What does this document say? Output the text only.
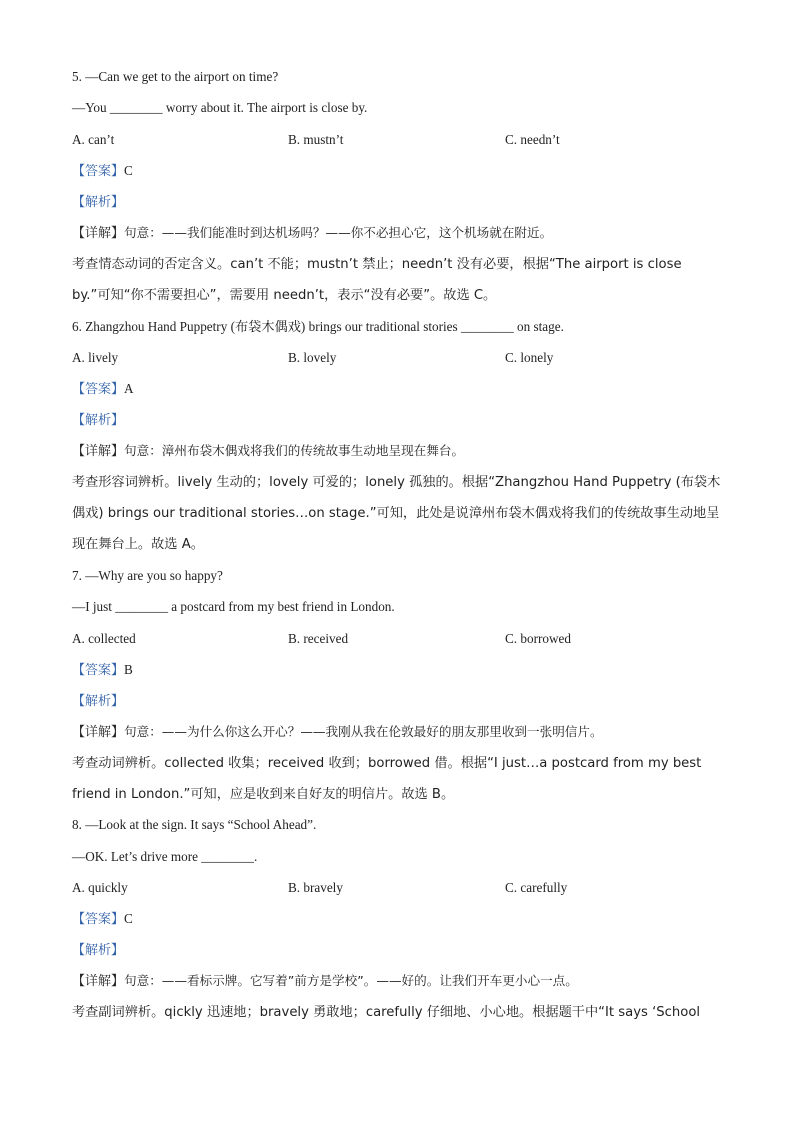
5. —Can we get to the airport on time?
—You ________ worry about it. The airport is close by.
A. can’t	B. mustn’t	C. needn’t
【答案】C
【解析】
【详解】句意：——我们能准时到达机场吗？——你不必担心它，这个机场就在附近。
考查情态动词的否定含义。can’t 不能；mustn’t 禁止；needn’t 没有必要，根据“The airport is close by.”可知“你不需要担心”，需要用 needn’t，表示“没有必要”。故选 C。
6. Zhangzhou Hand Puppetry (布袋木偶戏) brings our traditional stories ________ on stage.
A. lively	B. lovely	C. lonely
【答案】A
【解析】
【详解】句意：漳州布袋木偶戏将我们的传统故事生动地呈现在舞台。
考查形容词辨析。lively 生动的；lovely 可爱的；lonely 孤独的。根据“Zhangzhou Hand Puppetry (布袋木偶戏) brings our traditional stories…on stage.”可知，此处是说漳州布袋木偶戏将我们的传统故事生动地呈现在舞台上。故选 A。
7. —Why are you so happy?
—I just ________ a postcard from my best friend in London.
A. collected	B. received	C. borrowed
【答案】B
【解析】
【详解】句意：——为什么你这么开心？——我刚从我在伦敦最好的朋友那里收到一张明信片。
考查动词辨析。collected 收集；received 收到；borrowed 借。根据“I just…a postcard from my best friend in London.”可知，应是收到来自好友的明信片。故选 B。
8. —Look at the sign. It says “School Ahead”.
—OK. Let’s drive more ________.
A. quickly	B. bravely	C. carefully
【答案】C
【解析】
【详解】句意：——看标示牌。它写着”前方是学校”。——好的。让我们开车更小心一点。
考查副词辨析。qickly 迅速地；bravely 勇敢地；carefully 仔细地、小心地。根据题干中“It says ‘School
